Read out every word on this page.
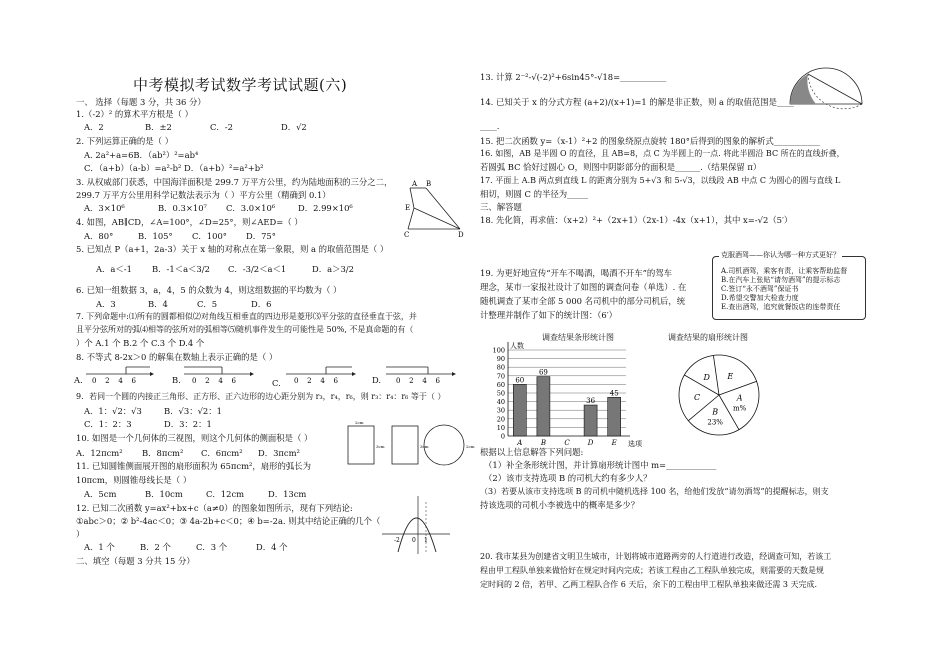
中考模拟考试数学考试试题(六)
一、 选择（每题 3 分，共 36 分）
1.（-2）² 的算术平方根是（ ）
A．2	B．±2	C．-2	D．√2
2. 下列运算正确的是（ ）
A. 2a²+a=6B．（ab²）²=ab⁴
C．（a+b）（a-b）=a²-b² D．（a+b）²=a²+b²
3. 从权威部门获悉，中国海洋面积是 299.7 万平方公里，约为陆地面积的三分之二，
299.7 万平方公里用科学记数法表示为（ ）平方公里（精确到 0.1）
A．3×10⁶	B．0.3×10⁷ C．3.0×10⁶	D．2.99×10⁶
4. 如图，AB∥CD，∠A=100°，∠D=25°，则∠AED=（ ）
A．80°	B．105° C．100° D．75°
A B
E
C	D
5. 已知点 P（a+1，2a-3）关于 x 轴的对称点在第一象限，则 a 的取值范围是（ ）
A．a＜-1 B．-1＜a＜3/2 C．-3/2＜a＜1	D．a＞3/2
6. 已知一组数据 3，a，4，5 的众数为 4，则这组数据的平均数为（ ）
A．3	B．4	C．5	D．6
7. 下列命题中:⑴所有的圆都相似⑵对角线互相垂直的四边形是菱形⑶平分弦的直径垂直于弦，并
且平分弦所对的弧⑷相等的弦所对的弧相等⑸随机事件发生的可能性是 50%, 不是真命题的有（
）个 A.1 个 B.2 个 C.3 个 D.4 个
8. 不等式 8-2x＞0 的解集在数轴上表示正确的是（ ）
A. 0 2 4 6	B. 0 2 4 6	C. 0 2 4 6	D. 0 2 4 6
9．若同一个圆的内接正三角形、正方形、正六边形的边心距分别为 r₃，r₄，r₆，则 r₃：r₄：r₆ 等于（ ）
A．1：√2：√3	B．√3：√2：1
C．1：2：3	D．3：2：1
10. 如图是一个几何体的三视图，则这个几何体的侧面积是（ ）
A．12πcm² B．8πcm² C．6πcm² D．3πcm²
2cm
3cm	3cm	2cm
11. 已知圆锥侧面展开图的扇形面积为 65πcm²，扇形的弧长为
10πcm，则圆锥母线长是（ ）
A．5cm	B．10cm	C．12cm	D．13cm
12. 已知二次函数 y=ax²+bx+c（a≠0）的图象如图所示，现有下列结论:
①abc＞0；② b²-4ac＜0；③ 4a-2b+c＜0；④ b=-2a. 则其中结论正确的几个（
）
A．1 个	B．2 个	C．3 个	D．4 个
-2 0 1
二、填空（每题 3 分共 15 分）
13. 计算 2⁻²-√(-2)²+6sin45°-√18=___________
14. 已知关于 x 的分式方程 (a+2)/(x+1)=1 的解是非正数，则 a 的取值范围是____
____.
15. 把二次函数 y=（x-1）²+2 的图象绕原点旋转 180°后得到的图象的解析式___________
16. 如图，AB 是半圆 O 的直径，且 AB=8，点 C 为半圆上的一点. 将此半圆沿 BC 所在的直线折叠，
若圆弧 BC 恰好过圆心 O，则图中阴影部分的面积是______.（结果保留 π）
17. 平面上 A.B 两点到直线 L 的距离分别为 5+√3 和 5-√3，以线段 AB 中点 C 为圆心的圆与直线 L
相切，则圆 C 的半径为_____
三、解答题
18. 先化简，再求值：（x+2）²+（2x+1）（2x-1）-4x（x+1），其中 x=-√2（5′）
19. 为更好地宣传“开车不喝酒，喝酒不开车”的驾车
理念，某市一家报社设计了如图的调查问卷（单选）. 在
随机调查了某市全部 5 000 名司机中的部分司机后，统
计整理并制作了如下的统计图：（6′）
克服酒驾——你认为哪一种方式更好？
A.司机酒驾，乘客有责，让乘客帮助监督
B.在汽车上张贴“请勿酒驾”的提示标志
C.签订“永不酒驾”保证书
D.希望交警加大检查力度
E.查出酒驾，追究就餐饭店的连带责任
调查结果条形统计图
0
10
20
30
40
50
60
70
80
90
100
人数
选项
60
A
69
B	C
36
D
45
E
调查结果的扇形统计图
A
m%
B
23%
C
D E
根据以上信息解答下列问题:
（1）补全条形统计图，并计算扇形统计图中 m=____________
（2）该市支持选项 B 的司机大约有多少人？
（3）若要从该市支持选项 B 的司机中随机选择 100 名，给他们发放“请勿酒驾”的提醒标志，则支
持该选项的司机小李被选中的概率是多少？
20. 我市某县为创建省文明卫生城市，计划将城市道路两旁的人行道进行改造，经调查可知，若该工
程由甲工程队单独来做恰好在规定时间内完成；若该工程由乙工程队单独完成，则需要的天数是规
定时间的 2 倍，若甲、乙两工程队合作 6 天后，余下的工程由甲工程队单独来做还需 3 天完成.
